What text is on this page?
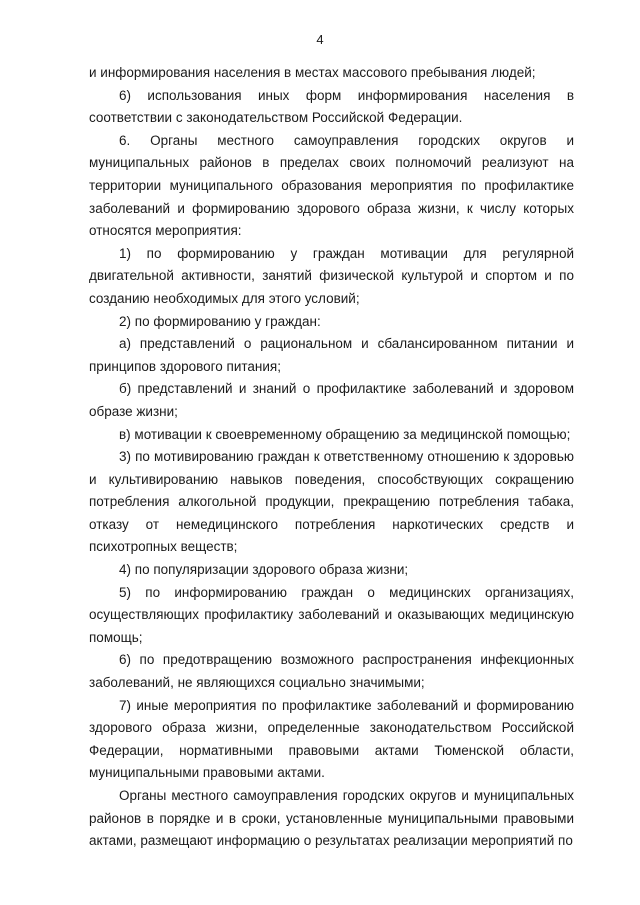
4

и информирования населения в местах массового пребывания людей;

6) использования иных форм информирования населения в соответствии с законодательством Российской Федерации.

6. Органы местного самоуправления городских округов и муниципальных районов в пределах своих полномочий реализуют на территории муниципального образования мероприятия по профилактике заболеваний и формированию здорового образа жизни, к числу которых относятся мероприятия:

1) по формированию у граждан мотивации для регулярной двигательной активности, занятий физической культурой и спортом и по созданию необходимых для этого условий;

2) по формированию у граждан:

а) представлений о рациональном и сбалансированном питании и принципов здорового питания;

б) представлений и знаний о профилактике заболеваний и здоровом образе жизни;

в) мотивации к своевременному обращению за медицинской помощью;

3) по мотивированию граждан к ответственному отношению к здоровью и культивированию навыков поведения, способствующих сокращению потребления алкогольной продукции, прекращению потребления табака, отказу от немедицинского потребления наркотических средств и психотропных веществ;

4) по популяризации здорового образа жизни;

5) по информированию граждан о медицинских организациях, осуществляющих профилактику заболеваний и оказывающих медицинскую помощь;

6) по предотвращению возможного распространения инфекционных заболеваний, не являющихся социально значимыми;

7) иные мероприятия по профилактике заболеваний и формированию здорового образа жизни, определенные законодательством Российской Федерации, нормативными правовыми актами Тюменской области, муниципальными правовыми актами.

Органы местного самоуправления городских округов и муниципальных районов в порядке и в сроки, установленные муниципальными правовыми актами, размещают информацию о результатах реализации мероприятий по
